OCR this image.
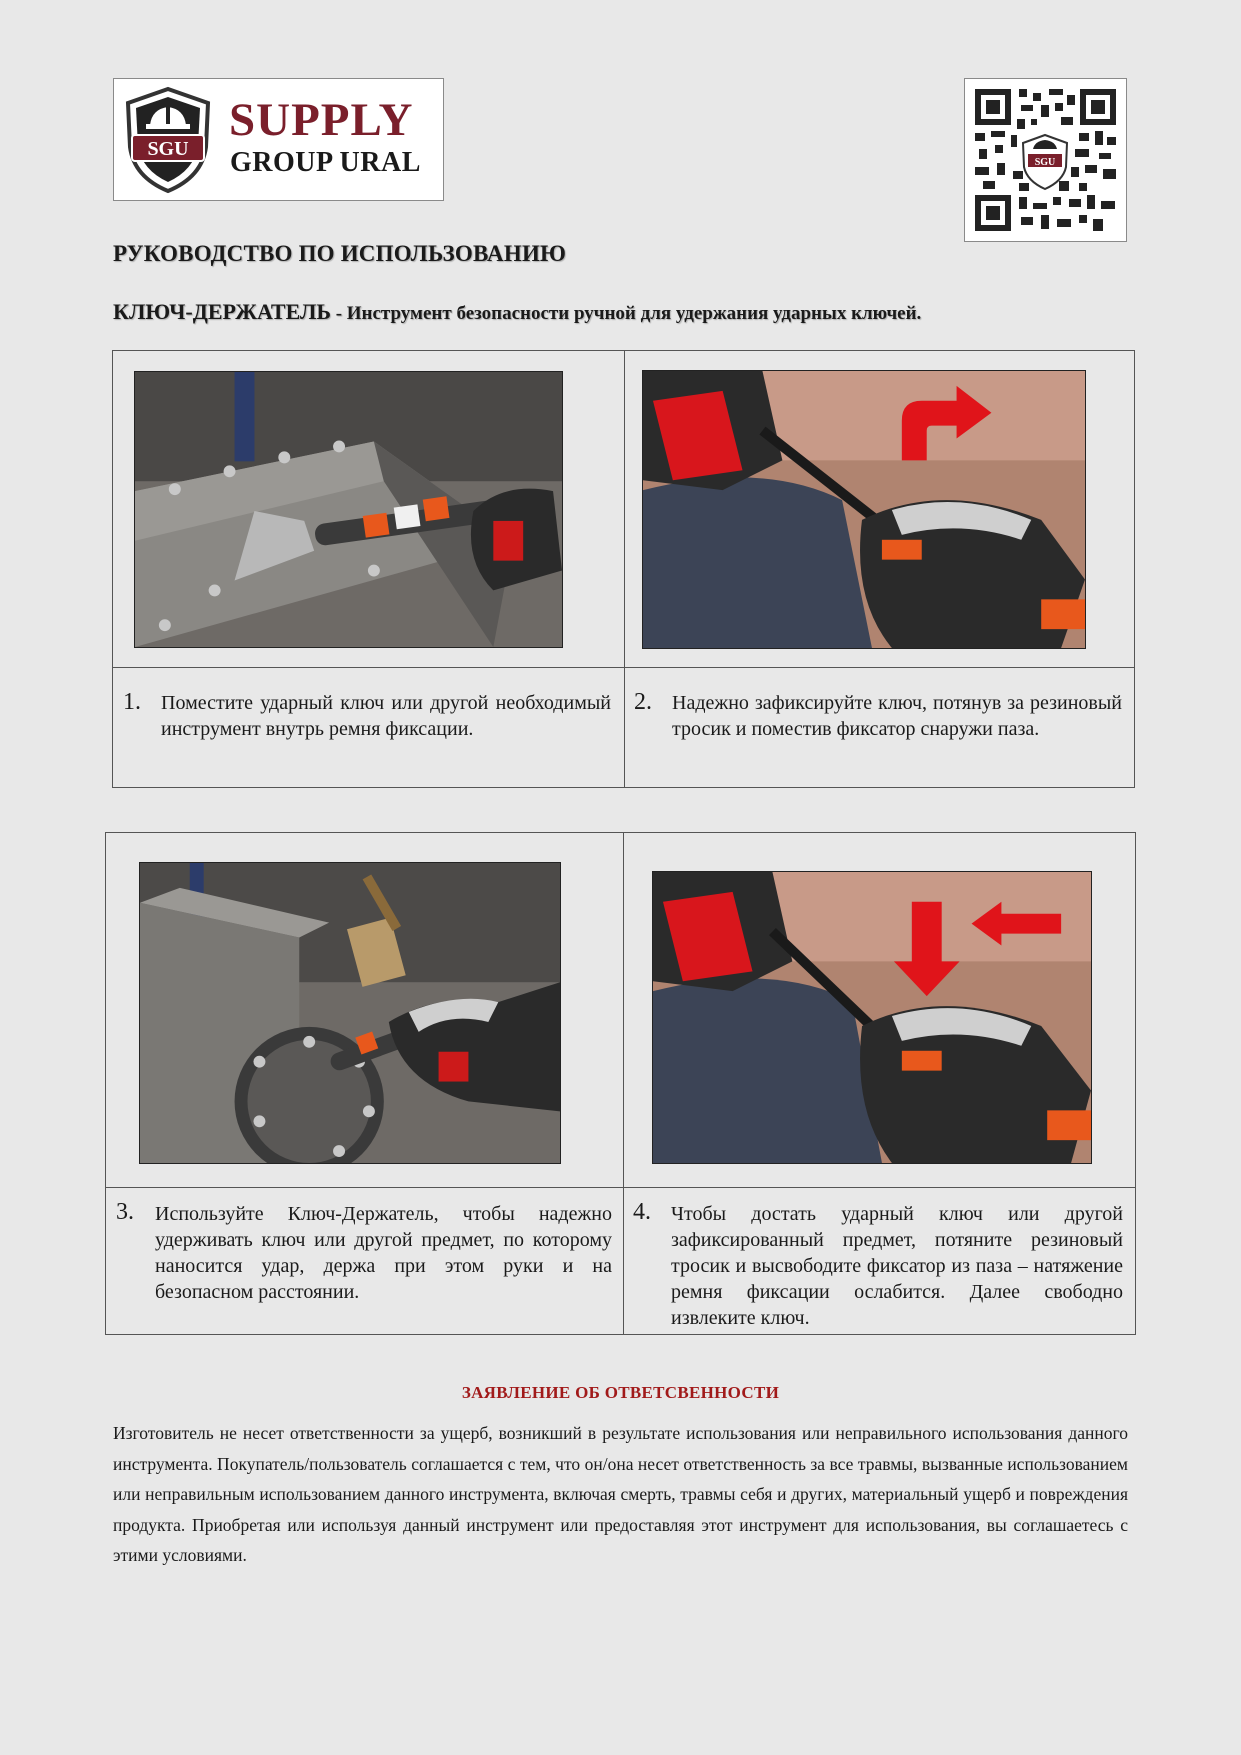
SGU
SUPPLY
GROUP URAL	SGU
РУКОВОДСТВО ПО ИСПОЛЬЗОВАНИЮ
КЛЮЧ-ДЕРЖАТЕЛЬ - Инструмент безопасности ручной для удержания ударных ключей.
1. Поместите ударный ключ или другой необходимый инструмент внутрь ремня фиксации.
2. Надежно зафиксируйте ключ, потянув за резиновый тросик и поместив фиксатор снаружи паза.
3. Используйте Ключ-Держатель, чтобы надежно удерживать ключ или другой предмет, по которому наносится удар, держа при этом руки и на безопасном расстоянии.
4. Чтобы достать ударный ключ или другой зафиксированный предмет, потяните резиновый тросик и высвободите фиксатор из паза – натяжение ремня фиксации ослабится. Далее свободно извлеките ключ.
ЗАЯВЛЕНИЕ ОБ ОТВЕТСВЕННОСТИ
Изготовитель не несет ответственности за ущерб, возникший в результате использования или неправильного использования данного инструмента. Покупатель/пользователь соглашается с тем, что он/она несет ответственность за все травмы, вызванные использованием или неправильным использованием данного инструмента, включая смерть, травмы себя и других, материальный ущерб и повреждения продукта. Приобретая или используя данный инструмент или предоставляя этот инструмент для использования, вы соглашаетесь с этими условиями.
